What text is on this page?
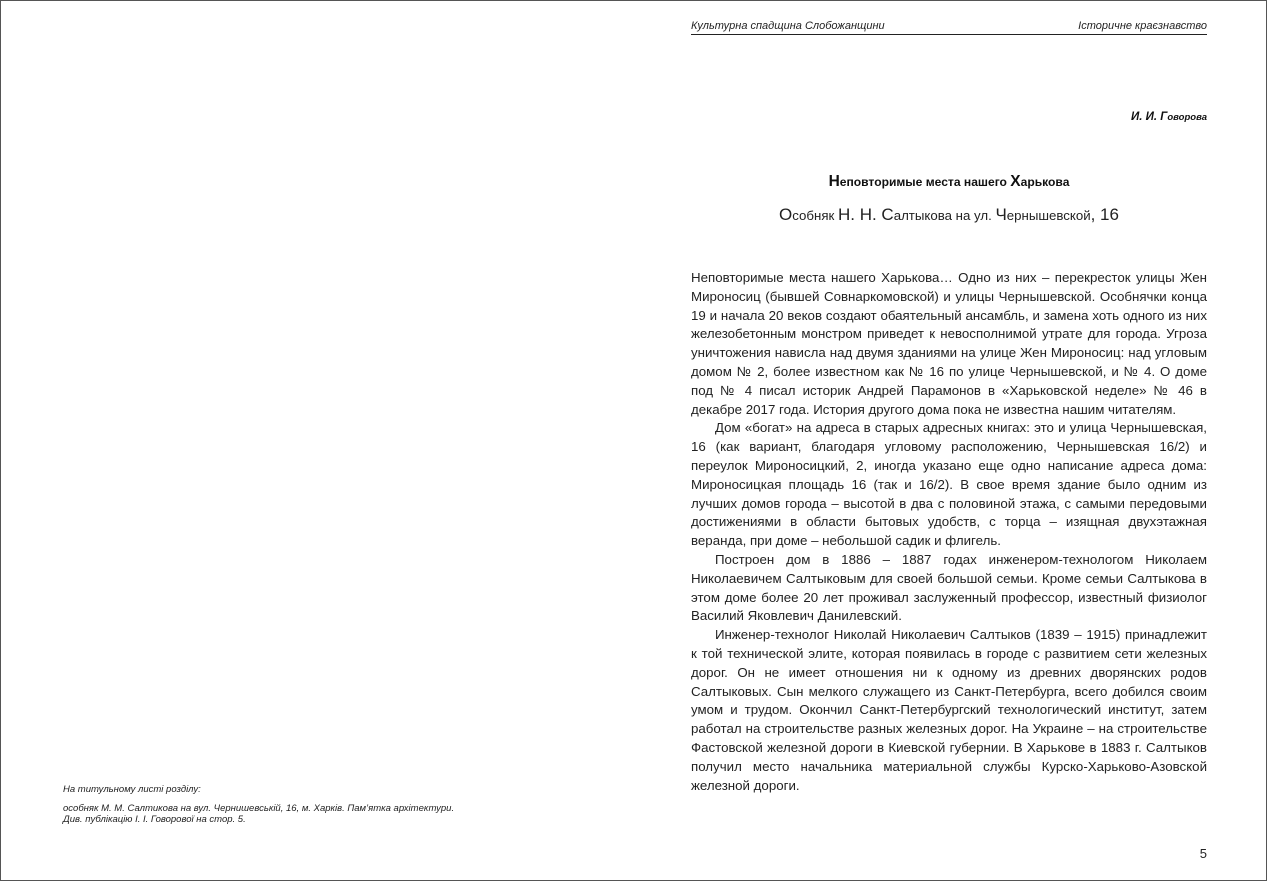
На титульному листі розділу:
особняк М. М. Салтикова на вул. Чернишевській, 16, м. Харків. Пам’ятка архітектури.
Див. публікацію І. І. Говорової на стор. 5.
Культурна спадщина Слобожанщини	Історичне краєзнавство
И. И. Говорова
Неповторимые места нашего Харькова
Особняк Н. Н. Салтыкова на ул. Чернышевской, 16

Неповторимые места нашего Харькова… Одно из них – перекресток улицы Жен Мироносиц (бывшей Совнаркомовской) и улицы Чернышевской. Особнячки конца 19 и начала 20 веков создают обаятельный ансамбль, и замена хоть одного из них железобетонным монстром приведет к невосполнимой утрате для города. Угроза уничтожения нависла над двумя зданиями на улице Жен Мироносиц: над угловым домом № 2, более известном как № 16 по улице Чернышевской, и № 4. О доме под № 4 писал историк Андрей Парамонов в «Харьковской неделе» № 46 в декабре 2017 года. История другого дома пока не известна нашим читателям.

Дом «богат» на адреса в старых адресных книгах: это и улица Чернышевская, 16 (как вариант, благодаря угловому расположению, Чернышевская 16/2) и переулок Мироносицкий, 2, иногда указано еще одно написание адреса дома: Мироносицкая площадь 16 (так и 16/2). В свое время здание было одним из лучших домов города – высотой в два с половиной этажа, с самыми передовыми достижениями в области бытовых удобств, с торца – изящная двухэтажная веранда, при доме – небольшой садик и флигель.

Построен дом в 1886 – 1887 годах инженером-технологом Николаем Николаевичем Салтыковым для своей большой семьи. Кроме семьи Салтыкова в этом доме более 20 лет проживал заслуженный профессор, известный физиолог Василий Яковлевич Данилевский.

Инженер-технолог Николай Николаевич Салтыков (1839 – 1915) принадлежит к той технической элите, которая появилась в городе с развитием сети железных дорог. Он не имеет отношения ни к одному из древних дворянских родов Салтыковых. Сын мелкого служащего из Санкт-Петербурга, всего добился своим умом и трудом. Окончил Санкт-Петербургский технологический институт, затем работал на строительстве разных железных дорог. На Украине – на строительстве Фастовской железной дороги в Киевской губернии. В Харькове в 1883 г. Салтыков получил место начальника материальной службы Курско-Харьково-Азовской железной дороги.

5
